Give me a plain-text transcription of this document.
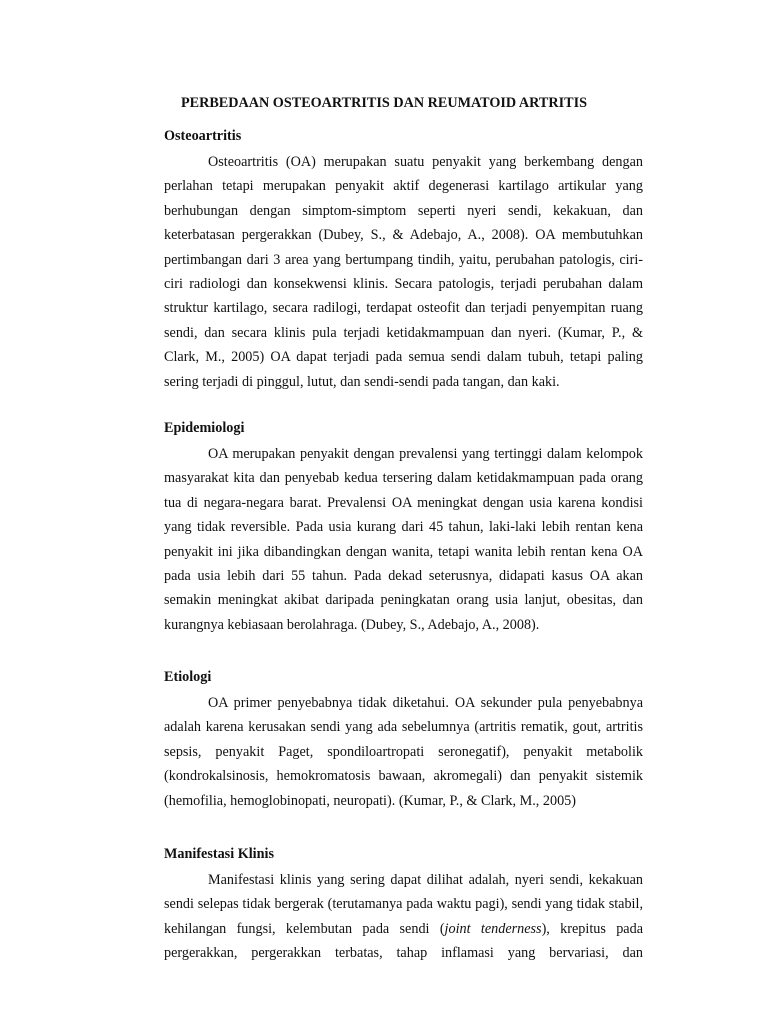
PERBEDAAN OSTEOARTRITIS DAN REUMATOID ARTRITIS
Osteoartritis
Osteoartritis (OA) merupakan suatu penyakit yang berkembang dengan
perlahan tetapi merupakan penyakit aktif degenerasi kartilago artikular yang
berhubungan dengan simptom-simptom seperti nyeri sendi, kekakuan, dan
keterbatasan pergerakkan (Dubey, S., & Adebajo, A., 2008). OA membutuhkan
pertimbangan dari 3 area yang bertumpang tindih, yaitu, perubahan patologis, ciri-
ciri radiologi dan konsekwensi klinis. Secara patologis, terjadi perubahan dalam
struktur kartilago, secara radilogi, terdapat osteofit dan terjadi penyempitan ruang
sendi, dan secara klinis pula terjadi ketidakmampuan dan nyeri. (Kumar, P., &
Clark, M., 2005) OA dapat terjadi pada semua sendi dalam tubuh, tetapi paling
sering terjadi di pinggul, lutut, dan sendi-sendi pada tangan, dan kaki.
Epidemiologi
OA merupakan penyakit dengan prevalensi yang tertinggi dalam kelompok
masyarakat kita dan penyebab kedua tersering dalam ketidakmampuan pada orang
tua di negara-negara barat. Prevalensi OA meningkat dengan usia karena kondisi
yang tidak reversible. Pada usia kurang dari 45 tahun, laki-laki lebih rentan kena
penyakit ini jika dibandingkan dengan wanita, tetapi wanita lebih rentan kena OA
pada usia lebih dari 55 tahun. Pada dekad seterusnya, didapati kasus OA akan
semakin meningkat akibat daripada peningkatan orang usia lanjut, obesitas, dan
kurangnya kebiasaan berolahraga. (Dubey, S., Adebajo, A., 2008).
Etiologi
OA primer penyebabnya tidak diketahui. OA sekunder pula penyebabnya
adalah karena kerusakan sendi yang ada sebelumnya (artritis rematik, gout, artritis
sepsis, penyakit Paget, spondiloartropati seronegatif), penyakit metabolik
(kondrokalsinosis, hemokromatosis bawaan, akromegali) dan penyakit sistemik
(hemofilia, hemoglobinopati, neuropati). (Kumar, P., & Clark, M., 2005)
Manifestasi Klinis
Manifestasi klinis yang sering dapat dilihat adalah, nyeri sendi, kekakuan
sendi selepas tidak bergerak (terutamanya pada waktu pagi), sendi yang tidak stabil,
kehilangan fungsi, kelembutan pada sendi (joint tenderness), krepitus pada
pergerakkan, pergerakkan terbatas, tahap inflamasi yang bervariasi, dan
